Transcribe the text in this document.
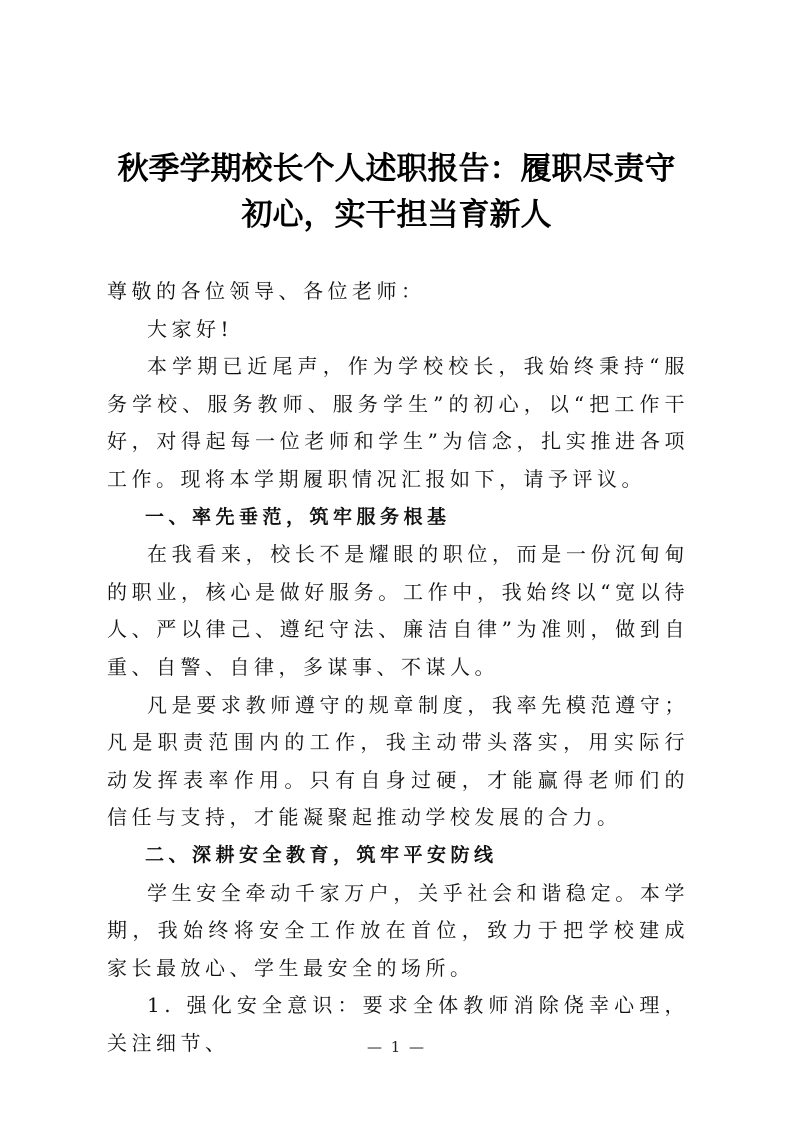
秋季学期校长个人述职报告：履职尽责守
初心，实干担当育新人

尊敬的各位领导、各位老师：

大家好!

本学期已近尾声，作为学校校长，我始终秉持“服务学校、服务教师、服务学生”的初心，以“把工作干好，对得起每一位老师和学生”为信念，扎实推进各项工作。现将本学期履职情况汇报如下，请予评议。

一、率先垂范，筑牢服务根基

在我看来，校长不是耀眼的职位，而是一份沉甸甸的职业，核心是做好服务。工作中，我始终以“宽以待人、严以律己、遵纪守法、廉洁自律”为准则，做到自重、自警、自律，多谋事、不谋人。

凡是要求教师遵守的规章制度，我率先模范遵守；凡是职责范围内的工作，我主动带头落实，用实际行动发挥表率作用。只有自身过硬，才能赢得老师们的信任与支持，才能凝聚起推动学校发展的合力。

二、深耕安全教育，筑牢平安防线

学生安全牵动千家万户，关乎社会和谐稳定。本学期，我始终将安全工作放在首位，致力于把学校建成家长最放心、学生最安全的场所。

1. 强化安全意识：要求全体教师消除侥幸心理，关注细节、	— 1 —
